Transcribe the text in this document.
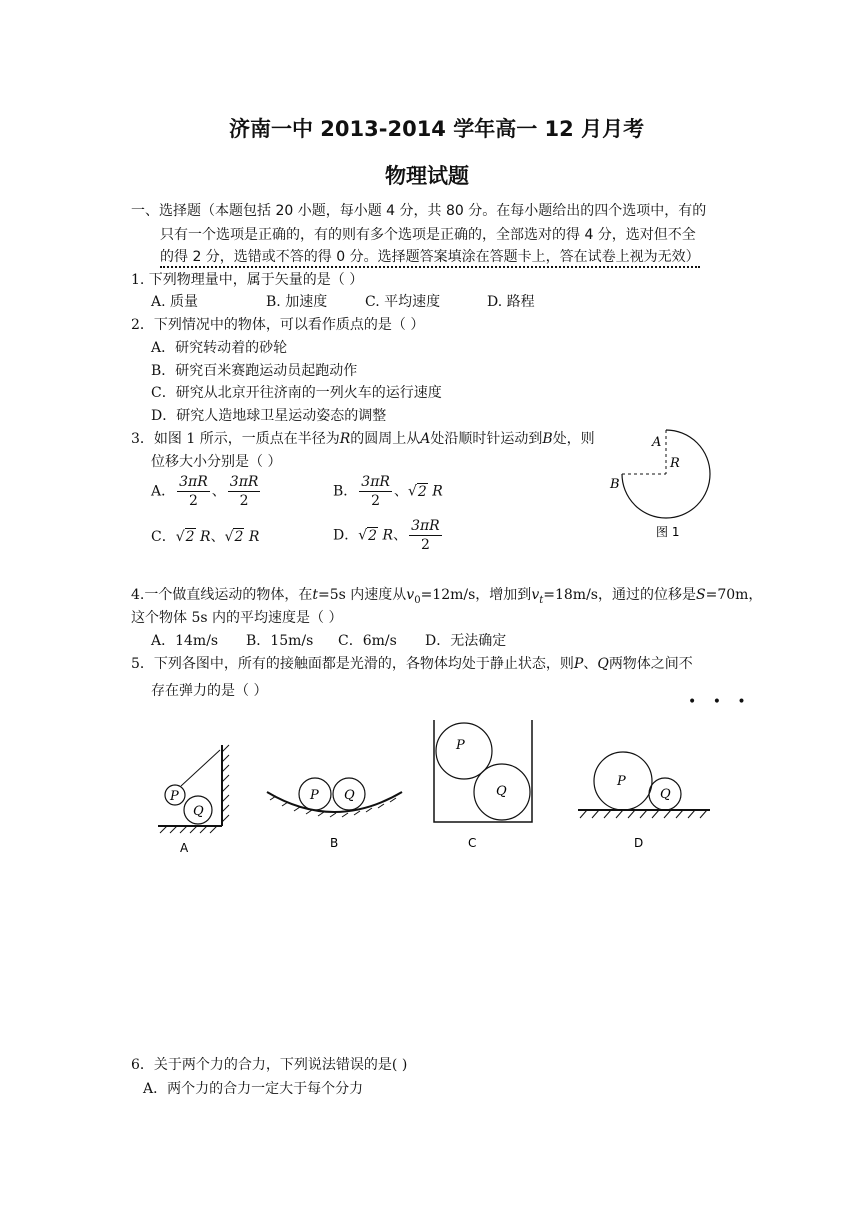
济南一中 2013-2014 学年高一 12 月月考
物理试题
一、选择题（本题包括 20 小题，每小题 4 分，共 80 分。在每小题给出的四个选项中，有的
只有一个选项是正确的，有的则有多个选项是正确的，全部选对的得 4 分，选对但不全
的得 2 分，选错或不答的得 0 分。选择题答案填涂在答题卡上，答在试卷上视为无效）
1. 下列物理量中，属于矢量的是（ ）
A. 质量	B. 加速度	C. 平均速度	D. 路程
2．下列情况中的物体，可以看作质点的是（ ）
A．研究转动着的砂轮
B．研究百米赛跑运动员起跑动作
C．研究从北京开往济南的一列火车的运行速度
D．研究人造地球卫星运动姿态的调整
3．如图 1 所示，一质点在半径为R的圆周上从A处沿顺时针运动到B处，则
位移大小分别是（ ）
A． $\frac{3\pi R}{2}$ 、 $\frac{3\pi R}{2}$	B． $\frac{3\pi R}{2}$ 、√2 R
C．√2 R、√2 R	D．√2 R、 $\frac{3\pi R}{2}$
A
R
B
图 1
4.一个做直线运动的物体，在t=5s 内速度从$v_0=12m/s$，增加到$v_t=18m/s$，通过的位移是S=70m，
这个物体 5s 内的平均速度是（ ）
A．14m/s B．15m/s C．6m/s D．无法确定
5．下列各图中，所有的接触面都是光滑的，各物体均处于静止状态，则P、Q两物体之间不
存在弹力的是（ ）
• • •
P
Q
A
P Q
B
P
Q
C
P
Q
D
6．关于两个力的合力，下列说法错误的是( )
A．两个力的合力一定大于每个分力
